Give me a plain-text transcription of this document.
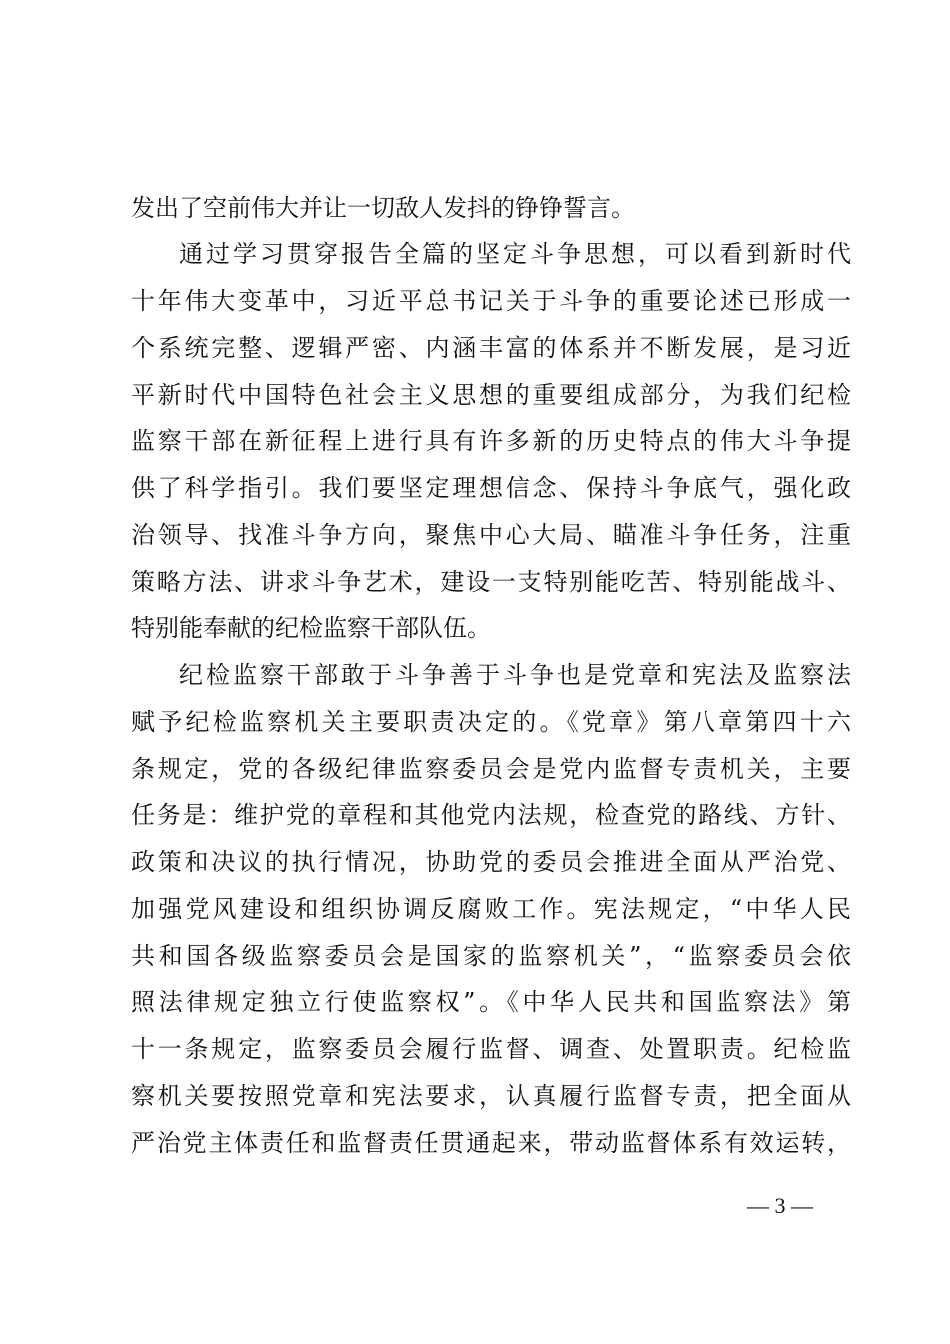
发出了空前伟大并让一切敌人发抖的铮铮誓言。
通过学习贯穿报告全篇的坚定斗争思想，可以看到新时代
十年伟大变革中，习近平总书记关于斗争的重要论述已形成一
个系统完整、逻辑严密、内涵丰富的体系并不断发展，是习近
平新时代中国特色社会主义思想的重要组成部分，为我们纪检
监察干部在新征程上进行具有许多新的历史特点的伟大斗争提
供了科学指引。我们要坚定理想信念、保持斗争底气，强化政
治领导、找准斗争方向，聚焦中心大局、瞄准斗争任务，注重
策略方法、讲求斗争艺术，建设一支特别能吃苦、特别能战斗、
特别能奉献的纪检监察干部队伍。
纪检监察干部敢于斗争善于斗争也是党章和宪法及监察法
赋予纪检监察机关主要职责决定的。《党章》第八章第四十六
条规定，党的各级纪律监察委员会是党内监督专责机关，主要
任务是：维护党的章程和其他党内法规，检查党的路线、方针、
政策和决议的执行情况，协助党的委员会推进全面从严治党、
加强党风建设和组织协调反腐败工作。宪法规定，“中华人民
共和国各级监察委员会是国家的监察机关”，“监察委员会依
照法律规定独立行使监察权”。《中华人民共和国监察法》第
十一条规定，监察委员会履行监督、调查、处置职责。纪检监
察机关要按照党章和宪法要求，认真履行监督专责，把全面从
严治党主体责任和监督责任贯通起来，带动监督体系有效运转，
— 3 —
